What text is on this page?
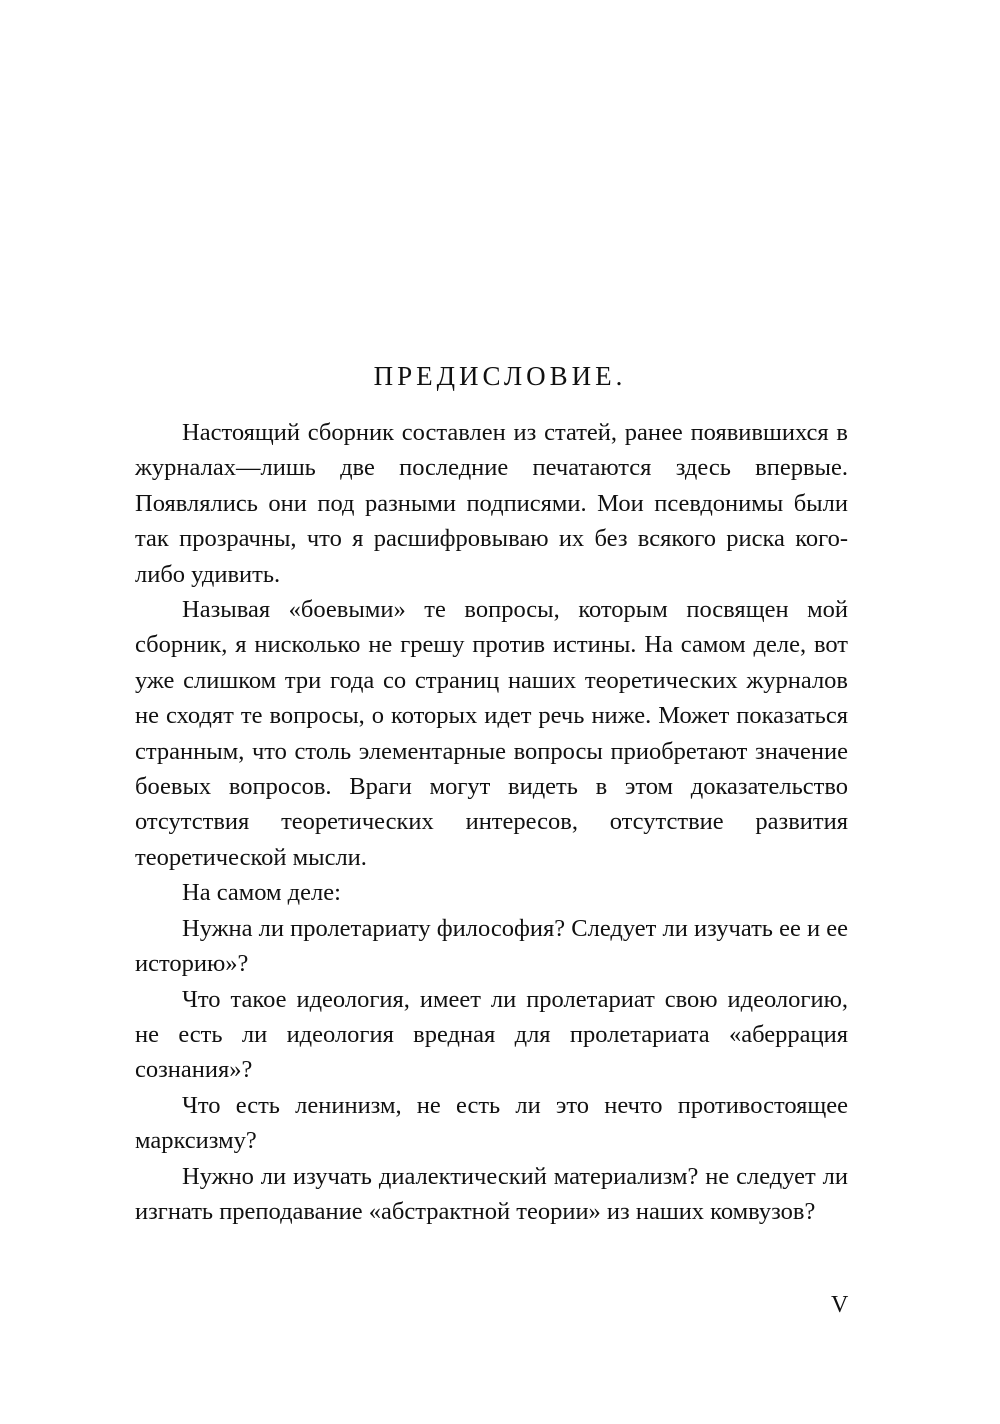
ПРЕДИСЛОВИЕ.

Настоящий сборник составлен из статей, ранее появившихся в журналах—лишь две последние печатаются здесь впервые. Появлялись они под разными подписями. Мои псевдонимы были так прозрачны, что я расшифровываю их без всякого риска кого-либо удивить.

Называя «боевыми» те вопросы, которым посвящен мой сборник, я нисколько не грешу против истины. На самом деле, вот уже слишком три года со страниц наших теоретических журналов не сходят те вопросы, о которых идет речь ниже. Может показаться странным, что столь элементарные вопросы приобретают значение боевых вопросов. Враги могут видеть в этом доказательство отсутствия теоретических интересов, отсутствие развития теоретической мысли.

На самом деле:

Нужна ли пролетариату философия? Следует ли изучать ее и ее историю»?

Что такое идеология, имеет ли пролетариат свою идеологию, не есть ли идеология вредная для пролетариата «аберрация сознания»?

Что есть ленинизм, не есть ли это нечто противостоящее марксизму?

Нужно ли изучать диалектический материализм? не следует ли изгнать преподавание «абстрактной теории» из наших комвузов?

V
